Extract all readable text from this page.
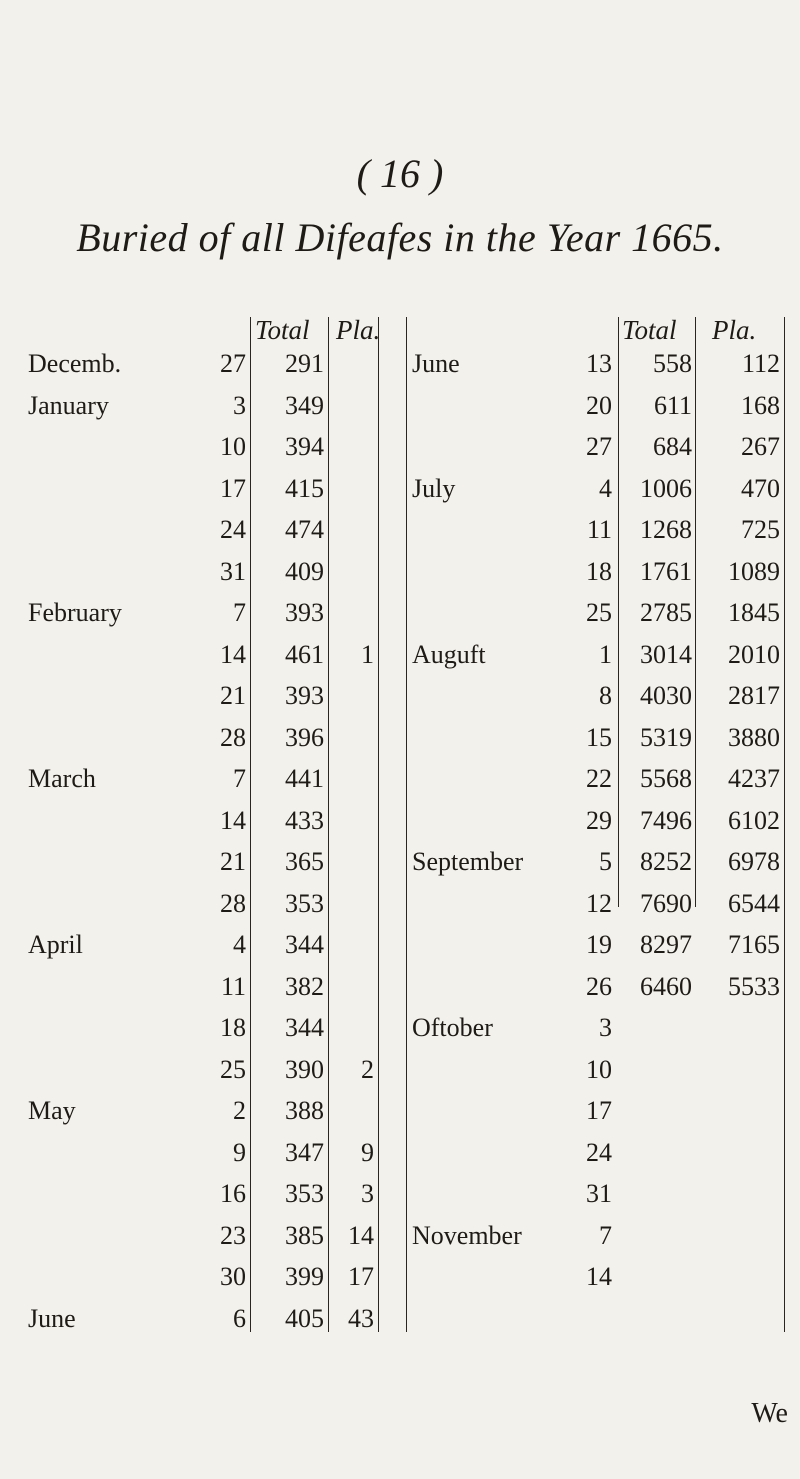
( 16 )
Buried of all Difeafes in the Year 1665.
Total Pla.
Decemb.	27	291
January	3	349
10	394
17	415
24	474
31	409
February	7	393
14	461	1
21	393
28	396
March	7	441
14	433
21	365
28	353
April	4	344
11	382
18	344
25	390	2
May	2	388
9	347	9
16	353	3
23	385 14
30	399 17
June	6	405 43
Total Pla.
June	13	558	112
20	611	168
27	684	267
July	4	1006	470
11	1268	725
18	1761	1089
25	2785	1845
Auguft	1	3014	2010
8	4030	2817
15	5319	3880
22	5568	4237
29	7496	6102
September	5	8252	6978
12	7690	6544
19	8297	7165
26	6460	5533
Oftober	3
10
17
24
31
November	7
14
We
